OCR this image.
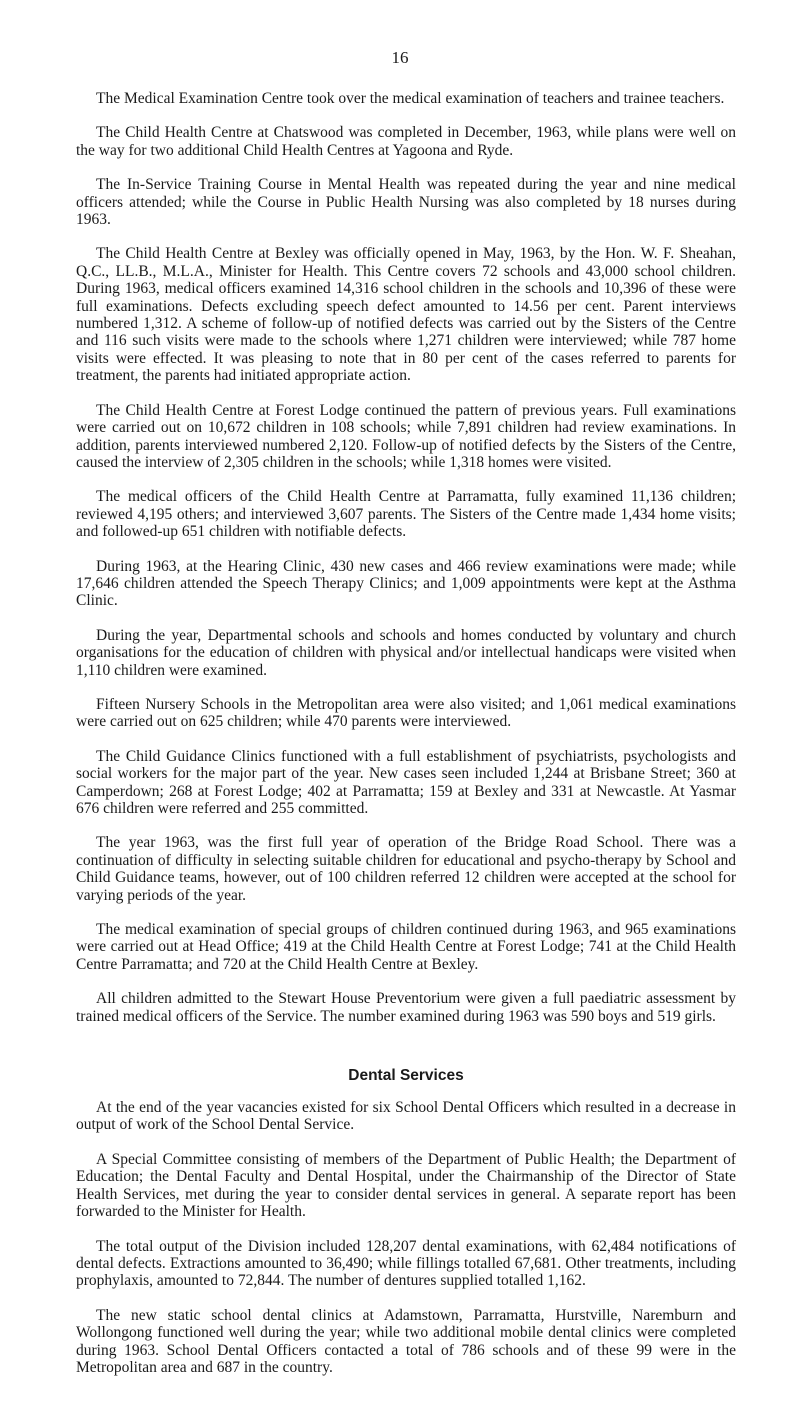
16

The Medical Examination Centre took over the medical examination of teachers and trainee teachers.

The Child Health Centre at Chatswood was completed in December, 1963, while plans were well on the way for two additional Child Health Centres at Yagoona and Ryde.

The In-Service Training Course in Mental Health was repeated during the year and nine medical officers attended; while the Course in Public Health Nursing was also completed by 18 nurses during 1963.

The Child Health Centre at Bexley was officially opened in May, 1963, by the Hon. W. F. Sheahan, Q.C., LL.B., M.L.A., Minister for Health. This Centre covers 72 schools and 43,000 school children. During 1963, medical officers examined 14,316 school children in the schools and 10,396 of these were full examinations. Defects excluding speech defect amounted to 14.56 per cent. Parent interviews numbered 1,312. A scheme of follow-up of notified defects was carried out by the Sisters of the Centre and 116 such visits were made to the schools where 1,271 children were interviewed; while 787 home visits were effected. It was pleasing to note that in 80 per cent of the cases referred to parents for treatment, the parents had initiated appropriate action.

The Child Health Centre at Forest Lodge continued the pattern of previous years. Full examinations were carried out on 10,672 children in 108 schools; while 7,891 children had review examinations. In addition, parents interviewed numbered 2,120. Follow-up of notified defects by the Sisters of the Centre, caused the interview of 2,305 children in the schools; while 1,318 homes were visited.

The medical officers of the Child Health Centre at Parramatta, fully examined 11,136 children; reviewed 4,195 others; and interviewed 3,607 parents. The Sisters of the Centre made 1,434 home visits; and followed-up 651 children with notifiable defects.

During 1963, at the Hearing Clinic, 430 new cases and 466 review examinations were made; while 17,646 children attended the Speech Therapy Clinics; and 1,009 appointments were kept at the Asthma Clinic.

During the year, Departmental schools and schools and homes conducted by voluntary and church organisations for the education of children with physical and/or intellectual handicaps were visited when 1,110 children were examined.

Fifteen Nursery Schools in the Metropolitan area were also visited; and 1,061 medical examinations were carried out on 625 children; while 470 parents were interviewed.

The Child Guidance Clinics functioned with a full establishment of psychiatrists, psychologists and social workers for the major part of the year. New cases seen included 1,244 at Brisbane Street; 360 at Camperdown; 268 at Forest Lodge; 402 at Parramatta; 159 at Bexley and 331 at Newcastle. At Yasmar 676 children were referred and 255 committed.

The year 1963, was the first full year of operation of the Bridge Road School. There was a continuation of difficulty in selecting suitable children for educational and psycho-therapy by School and Child Guidance teams, however, out of 100 children referred 12 children were accepted at the school for varying periods of the year.

The medical examination of special groups of children continued during 1963, and 965 examinations were carried out at Head Office; 419 at the Child Health Centre at Forest Lodge; 741 at the Child Health Centre Parramatta; and 720 at the Child Health Centre at Bexley.

All children admitted to the Stewart House Preventorium were given a full paediatric assessment by trained medical officers of the Service. The number examined during 1963 was 590 boys and 519 girls.

Dental Services

At the end of the year vacancies existed for six School Dental Officers which resulted in a decrease in output of work of the School Dental Service.

A Special Committee consisting of members of the Department of Public Health; the Department of Education; the Dental Faculty and Dental Hospital, under the Chairmanship of the Director of State Health Services, met during the year to consider dental services in general. A separate report has been forwarded to the Minister for Health.

The total output of the Division included 128,207 dental examinations, with 62,484 notifications of dental defects. Extractions amounted to 36,490; while fillings totalled 67,681. Other treatments, including prophylaxis, amounted to 72,844. The number of dentures supplied totalled 1,162.

The new static school dental clinics at Adamstown, Parramatta, Hurstville, Naremburn and Wollongong functioned well during the year; while two additional mobile dental clinics were completed during 1963. School Dental Officers contacted a total of 786 schools and of these 99 were in the Metropolitan area and 687 in the country.
